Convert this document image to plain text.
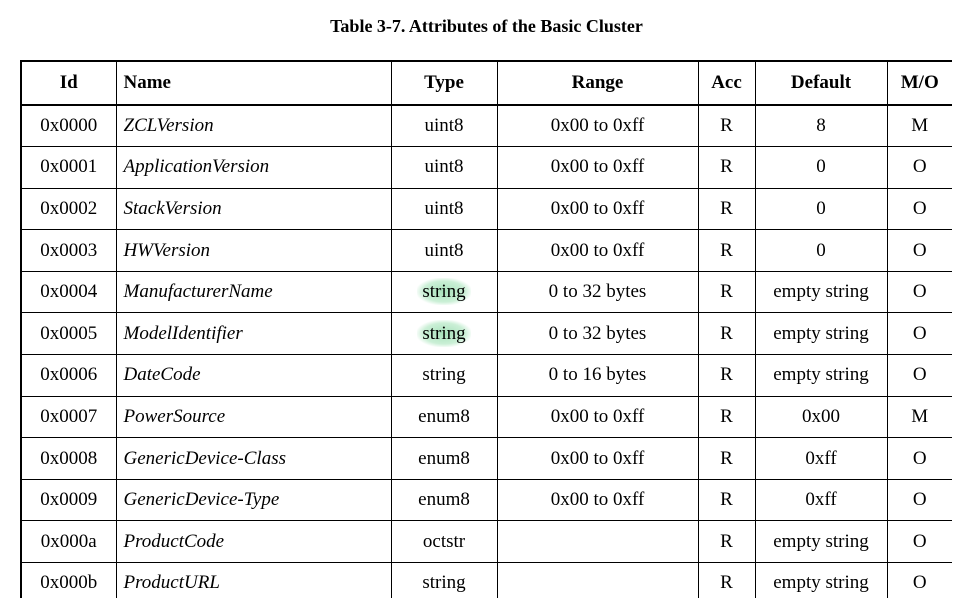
Table 3-7. Attributes of the Basic Cluster
Id	Name	Type	Range	Acc	Default	M/O
0x0000	ZCLVersion	uint8	0x00 to 0xff	R	8	M
0x0001	ApplicationVersion	uint8	0x00 to 0xff	R	0	O
0x0002	StackVersion	uint8	0x00 to 0xff	R	0	O
0x0003	HWVersion	uint8	0x00 to 0xff	R	0	O
0x0004	ManufacturerName	string	0 to 32 bytes	R	empty string	O
0x0005	ModelIdentifier	string	0 to 32 bytes	R	empty string	O
0x0006	DateCode	string	0 to 16 bytes	R	empty string	O
0x0007	PowerSource	enum8	0x00 to 0xff	R	0x00	M
0x0008	GenericDevice-Class	enum8	0x00 to 0xff	R	0xff	O
0x0009	GenericDevice-Type	enum8	0x00 to 0xff	R	0xff	O
0x000a	ProductCode	octstr		R	empty string	O
0x000b	ProductURL	string		R	empty string	O
